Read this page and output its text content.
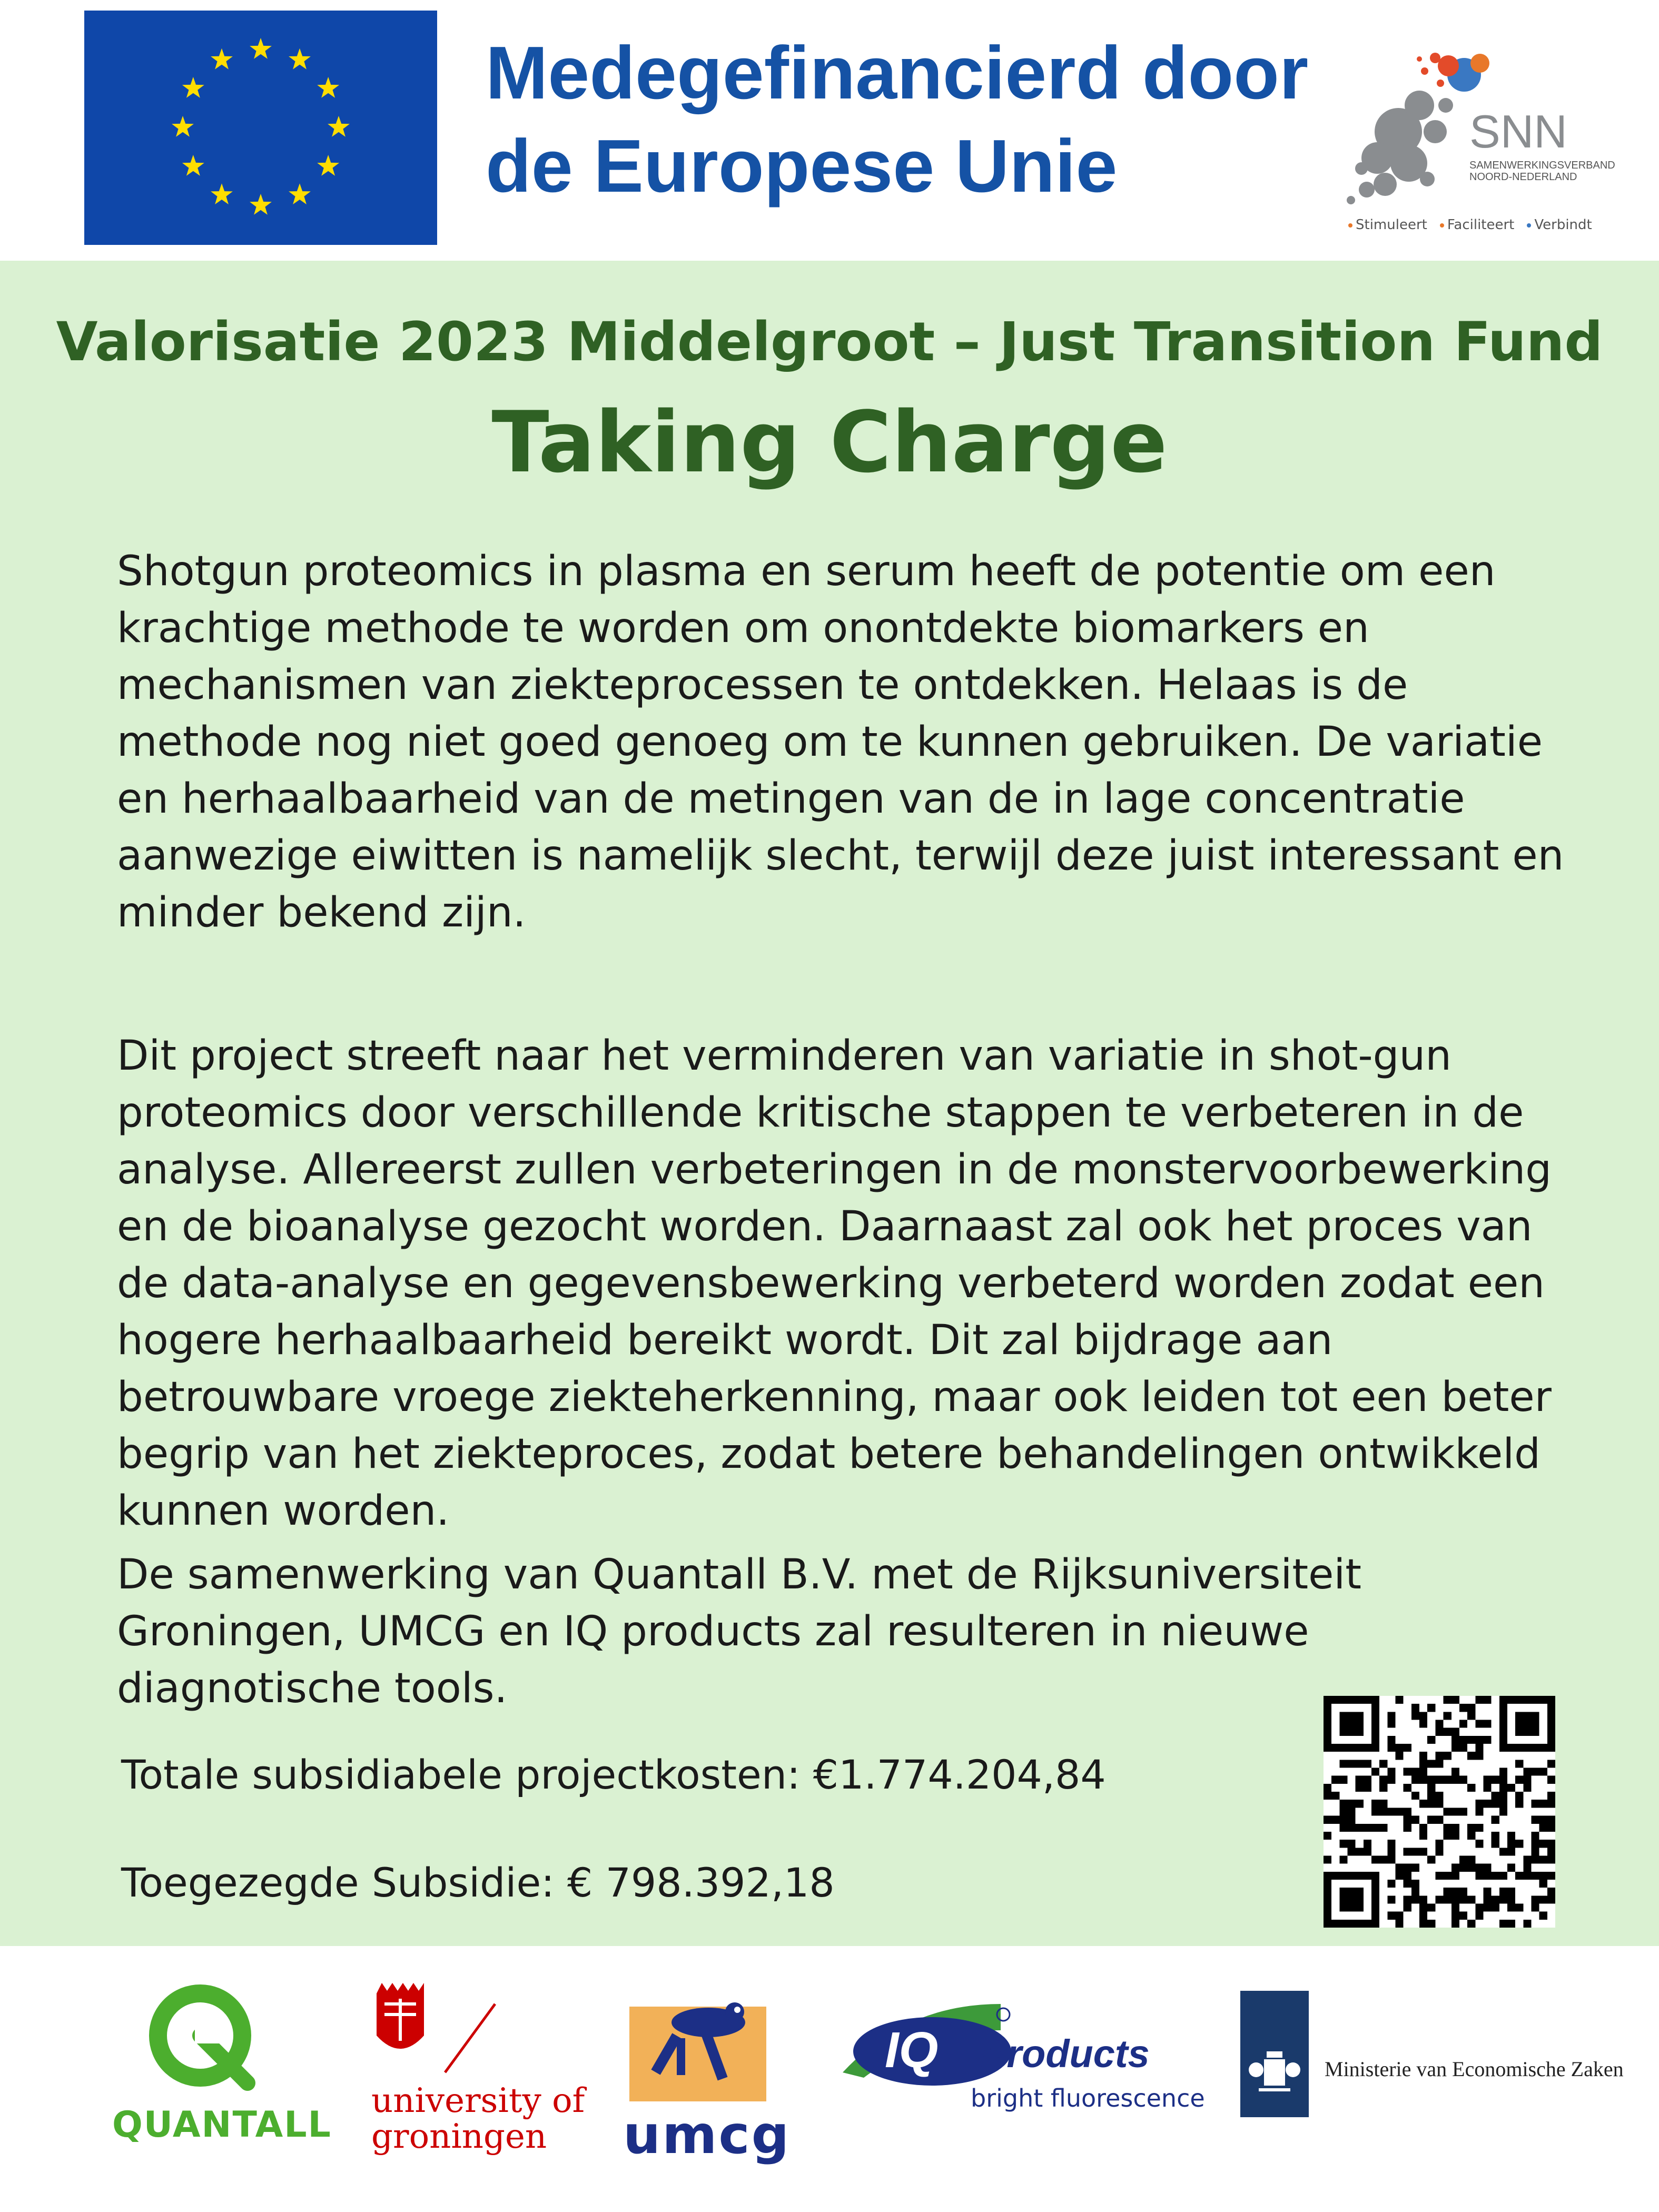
Medegefinancierd door
de Europese Unie	SNN
SAMENWERKINGSVERBAND
NOORD-NEDERLAND
Stimuleert	Faciliteert	Verbindt
Valorisatie 2023 Middelgroot – Just Transition Fund
Taking Charge
Shotgun proteomics in plasma en serum heeft de potentie om een krachtige methode te worden om onontdekte biomarkers en mechanismen van ziekteprocessen te ontdekken. Helaas is de methode nog niet goed genoeg om te kunnen gebruiken. De variatie en herhaalbaarheid van de metingen van de in lage concentratie aanwezige eiwitten is namelijk slecht, terwijl deze juist interessant en minder bekend zijn.
Dit project streeft naar het verminderen van variatie in shot-gun proteomics door verschillende kritische stappen te verbeteren in de analyse. Allereerst zullen verbeteringen in de monstervoorbewerking en de bioanalyse gezocht worden. Daarnaast zal ook het proces van de data-analyse en gegevensbewerking verbeterd worden zodat een hogere herhaalbaarheid bereikt wordt. Dit zal bijdrage aan betrouwbare vroege ziekteherkenning, maar ook leiden tot een beter begrip van het ziekteproces, zodat betere behandelingen ontwikkeld kunnen worden.
De samenwerking van Quantall B.V. met de Rijksuniversiteit Groningen, UMCG en IQ products zal resulteren in nieuwe diagnotische tools.
Totale subsidiabele projectkosten: €1.774.204,84
Toegezegde Subsidie: € 798.392,18
QUANTALL
university of
groningen	umcg
IQ Products
bright fluorescence
Ministerie van Economische Zaken
